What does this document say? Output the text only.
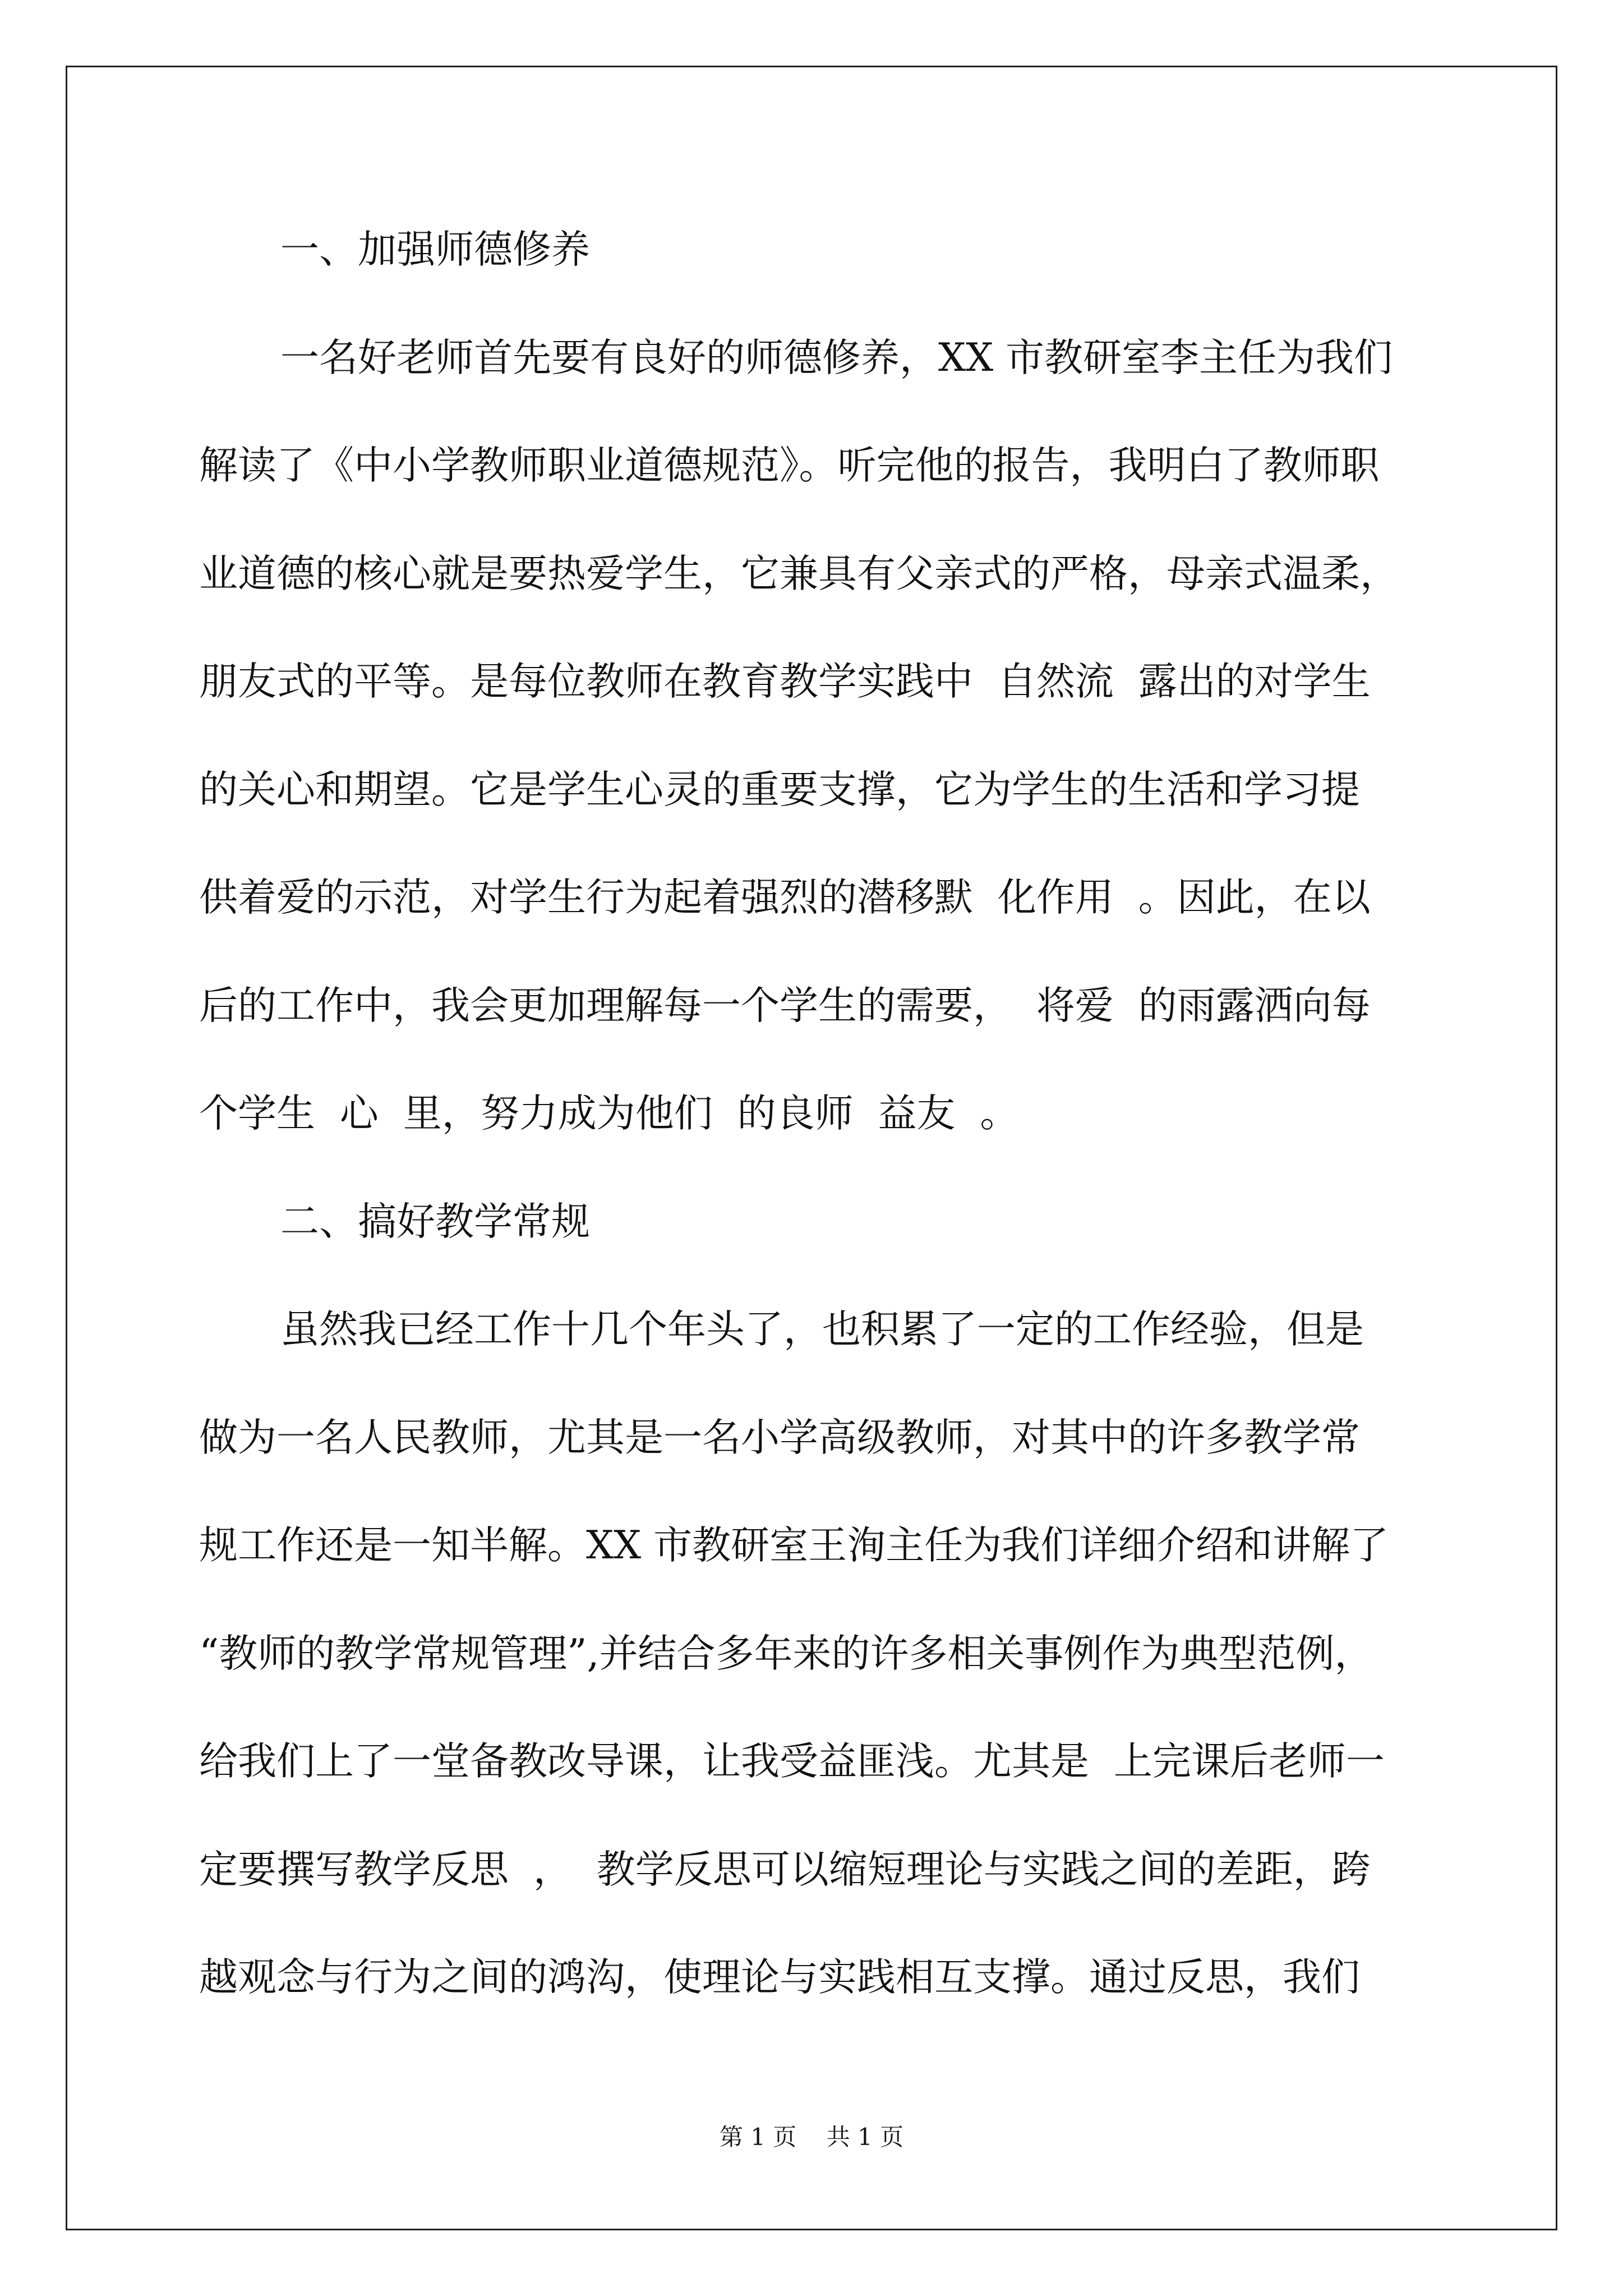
一、加强师德修养
一名好老师首先要有良好的师德修养，XX 市教研室李主任为我们
解读了《中小学教师职业道德规范》。听完他的报告，我明白了教师职
业道德的核心就是要热爱学生，它兼具有父亲式的严格，母亲式温柔，
朋友式的平等。是每位教师在教育教学实践中  自然流  露出的对学生
的关心和期望。它是学生心灵的重要支撑，它为学生的生活和学习提
供着爱的示范，对学生行为起着强烈的潜移默  化作用  。因此，在以
后的工作中，我会更加理解每一个学生的需要，  将爱  的雨露洒向每
个学生  心  里，努力成为他们  的良师  益友  。
二、搞好教学常规
虽然我已经工作十几个年头了，也积累了一定的工作经验，但是
做为一名人民教师，尤其是一名小学高级教师，对其中的许多教学常
规工作还是一知半解。XX 市教研室王洵主任为我们详细介绍和讲解了
“教师的教学常规管理”,并结合多年来的许多相关事例作为典型范例，
给我们上了一堂备教改导课，让我受益匪浅。尤其是  上完课后老师一
定要撰写教学反思  ，  教学反思可以缩短理论与实践之间的差距，跨
越观念与行为之间的鸿沟，使理论与实践相互支撑。通过反思，我们
第 1 页    共 1 页
